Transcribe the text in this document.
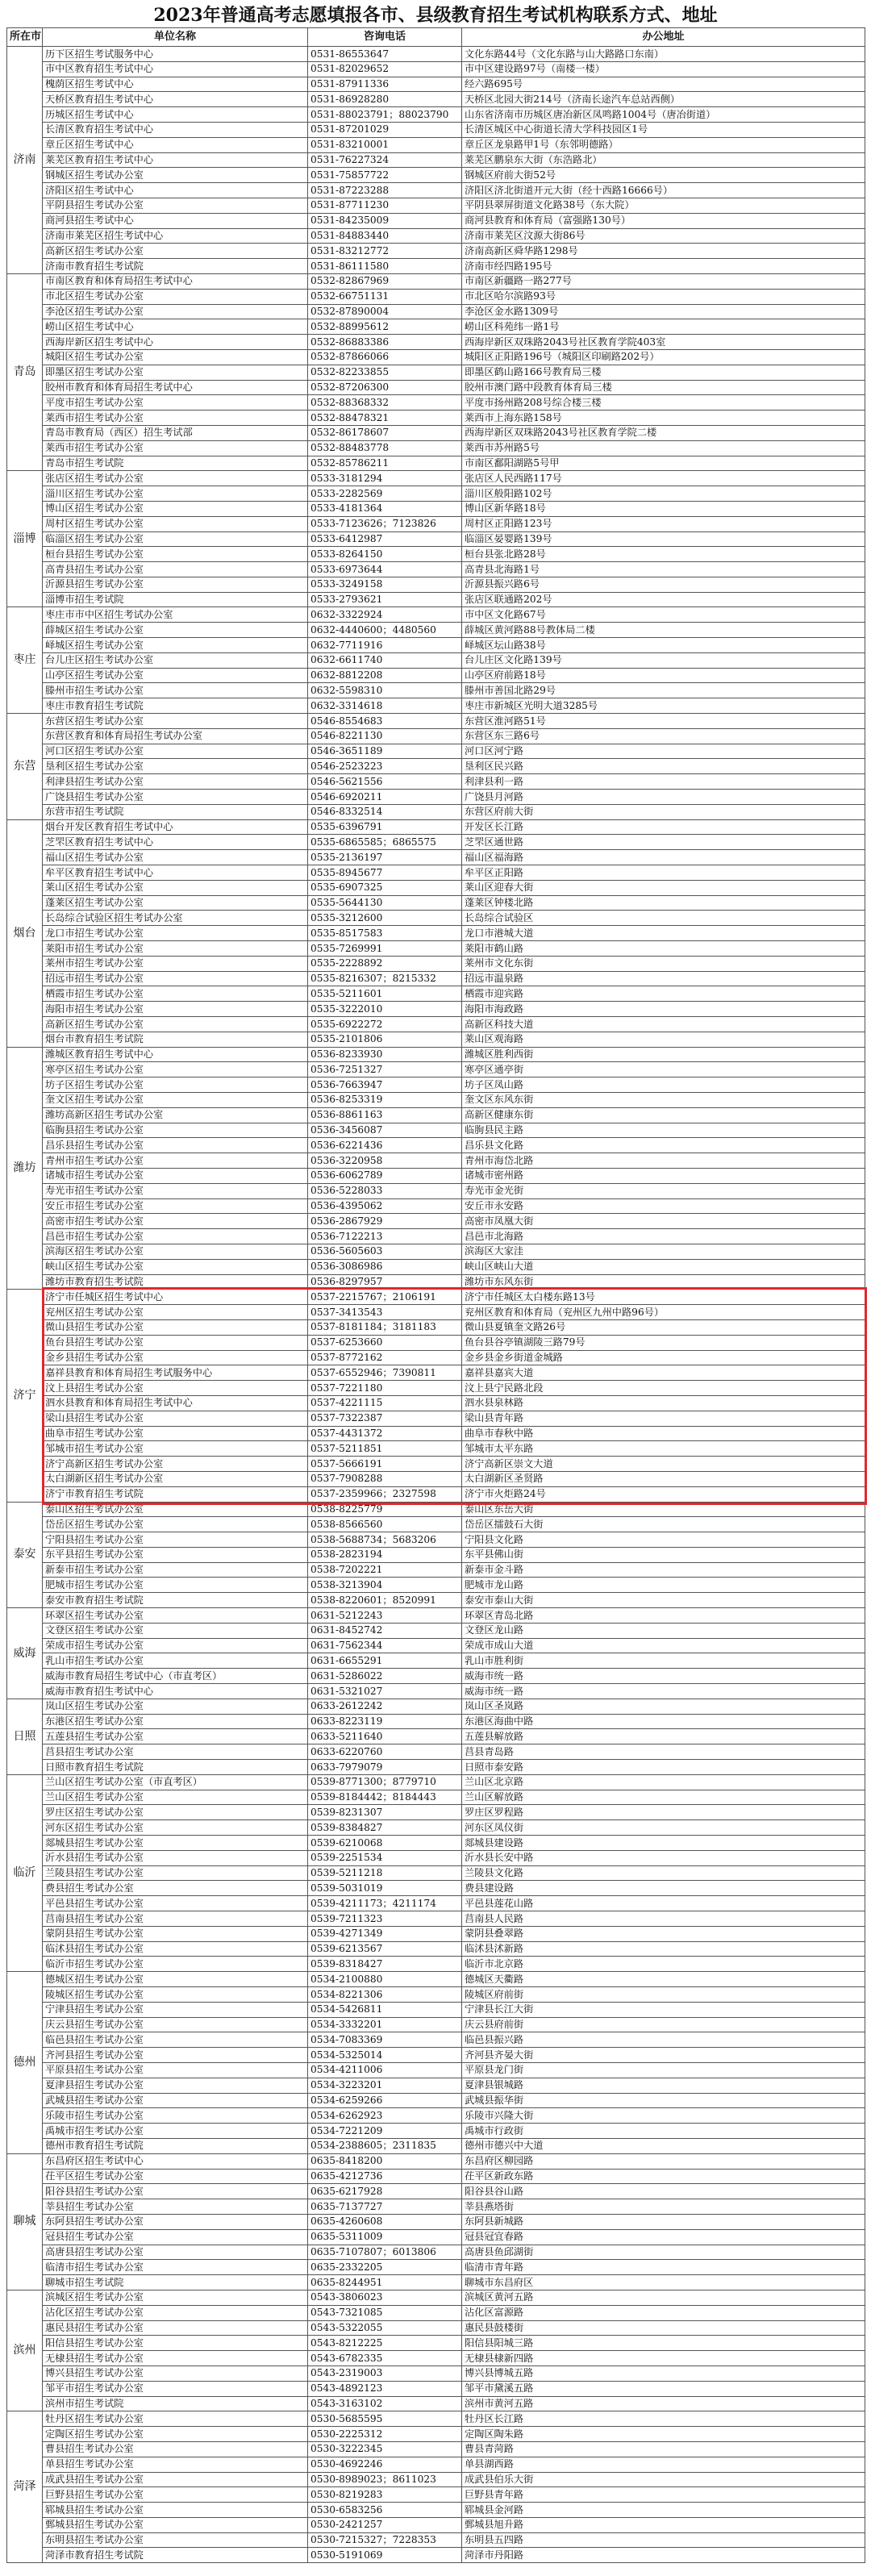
2023年普通高考志愿填报各市、县级教育招生考试机构联系方式、地址
所在市	单位名称	咨询电话	办公地址
济南	历下区招生考试服务中心	0531-86553647	文化东路44号（文化东路与山大路路口东南）
	市中区教育招生考试中心	0531-82029652	市中区建设路97号（南楼一楼）
	槐荫区招生考试中心	0531-87911336	经六路695号
	天桥区教育招生考试中心	0531-86928280	天桥区北园大街214号（济南长途汽车总站西侧）
	历城区招生考试中心	0531-88023791；88023790	山东省济南市历城区唐冶新区凤鸣路1004号（唐冶街道）
	长清区教育招生考试中心	0531-87201029	长清区城区中心街道长清大学科技园区1号
	章丘区招生考试中心	0531-83210001	章丘区龙泉路甲1号（东邻明德路）
	莱芜区教育招生考试中心	0531-76227324	莱芜区鹏泉东大街（东浩路北）
	钢城区招生考试办公室	0531-75857722	钢城区府前大街52号
	济阳区招生考试中心	0531-87223288	济阳区济北街道开元大街（经十西路16666号）
	平阴县招生考试办公室	0531-87711230	平阴县翠屏街道文化路38号（东大院）
	商河县招生考试中心	0531-84235009	商河县教育和体育局（富强路130号）
	济南市莱芜区招生考试中心	0531-84883440	济南市莱芜区汶源大街86号
	高新区招生考试办公室	0531-83212772	济南高新区舜华路1298号
	济南市教育招生考试院	0531-86111580	济南市经四路195号
青岛	市南区教育和体育局招生考试中心	0532-82867969	市南区新疆路一路277号
	市北区招生考试办公室	0532-66751131	市北区哈尔滨路93号
	李沧区招生考试办公室	0532-87890004	李沧区金水路1309号
	崂山区招生考试中心	0532-88995612	崂山区科苑纬一路1号
	西海岸新区招生考试中心	0532-86883386	西海岸新区双珠路2043号社区教育学院403室
	城阳区招生考试办公室	0532-87866066	城阳区正阳路196号（城阳区印刷路202号）
	即墨区招生考试办公室	0532-82233855	即墨区鹤山路166号教育局三楼
	胶州市教育和体育局招生考试中心	0532-87206300	胶州市澳门路中段教育体育局三楼
	平度市招生考试办公室	0532-88368332	平度市扬州路208号综合楼三楼
	莱西市招生考试办公室	0532-88478321	莱西市上海东路158号
	青岛市教育局（西区）招生考试部	0532-86178607	西海岸新区双珠路2043号社区教育学院二楼
	莱西市招生考试办公室	0532-88483778	莱西市苏州路5号
	青岛市招生考试院	0532-85786211	市南区鄱阳湖路5号甲
淄博	张店区招生考试办公室	0533-3181294	张店区人民西路117号
	淄川区招生考试办公室	0533-2282569	淄川区般阳路102号
	博山区招生考试办公室	0533-4181364	博山区新华路18号
	周村区招生考试办公室	0533-7123626；7123826	周村区正阳路123号
	临淄区招生考试办公室	0533-6412987	临淄区晏婴路139号
	桓台县招生考试办公室	0533-8264150	桓台县张北路28号
	高青县招生考试办公室	0533-6973644	高青县北海路1号
	沂源县招生考试办公室	0533-3249158	沂源县振兴路6号
	淄博市招生考试院	0533-2793621	张店区联通路202号
枣庄	枣庄市市中区招生考试办公室	0632-3322924	市中区文化路67号
	薛城区招生考试办公室	0632-4440600；4480560	薛城区黄河路88号教体局二楼
	峄城区招生考试办公室	0632-7711916	峄城区坛山路38号
	台儿庄区招生考试办公室	0632-6611740	台儿庄区文化路139号
	山亭区招生考试办公室	0632-8812208	山亭区府前路18号
	滕州市招生考试办公室	0632-5598310	滕州市善国北路29号
	枣庄市教育招生考试院	0632-3314618	枣庄市新城区光明大道3285号
东营	东营区招生考试办公室	0546-8554683	东营区淮河路51号
	东营区教育和体育局招生考试办公室	0546-8221130	东营区东三路6号
	河口区招生考试办公室	0546-3651189	河口区河宁路
	垦利区招生考试办公室	0546-2523223	垦利区民兴路
	利津县招生考试办公室	0546-5621556	利津县利一路
	广饶县招生考试办公室	0546-6920211	广饶县月河路
	东营市招生考试院	0546-8332514	东营区府前大街
烟台	烟台开发区教育招生考试中心	0535-6396791	开发区长江路
	芝罘区教育招生考试中心	0535-6865585；6865575	芝罘区通世路
	福山区招生考试办公室	0535-2136197	福山区福海路
	牟平区教育招生考试中心	0535-8945677	牟平区正阳路
	莱山区招生考试办公室	0535-6907325	莱山区迎春大街
	蓬莱区招生考试办公室	0535-5644130	蓬莱区钟楼北路
	长岛综合试验区招生考试办公室	0535-3212600	长岛综合试验区
	龙口市招生考试办公室	0535-8517583	龙口市港城大道
	莱阳市招生考试办公室	0535-7269991	莱阳市鹤山路
	莱州市招生考试办公室	0535-2228892	莱州市文化东街
	招远市招生考试办公室	0535-8216307；8215332	招远市温泉路
	栖霞市招生考试办公室	0535-5211601	栖霞市迎宾路
	海阳市招生考试办公室	0535-3222010	海阳市海政路
	高新区招生考试办公室	0535-6922272	高新区科技大道
	烟台市教育招生考试院	0535-2101806	莱山区观海路
潍坊	潍城区教育招生考试中心	0536-8233930	潍城区胜利西街
	寒亭区招生考试办公室	0536-7251327	寒亭区通亭街
	坊子区招生考试办公室	0536-7663947	坊子区凤山路
	奎文区招生考试办公室	0536-8253319	奎文区东风东街
	潍坊高新区招生考试办公室	0536-8861163	高新区健康东街
	临朐县招生考试办公室	0536-3456087	临朐县民主路
	昌乐县招生考试办公室	0536-6221436	昌乐县文化路
	青州市招生考试办公室	0536-3220958	青州市海岱北路
	诸城市招生考试办公室	0536-6062789	诸城市密州路
	寿光市招生考试办公室	0536-5228033	寿光市金光街
	安丘市招生考试办公室	0536-4395062	安丘市永安路
	高密市招生考试办公室	0536-2867929	高密市凤凰大街
	昌邑市招生考试办公室	0536-7122213	昌邑市北海路
	滨海区招生考试办公室	0536-5605603	滨海区大家洼
	峡山区招生考试办公室	0536-3086986	峡山区峡山大道
	潍坊市教育招生考试院	0536-8297957	潍坊市东风东街
济宁	济宁市任城区招生考试中心	0537-2215767；2106191	济宁市任城区太白楼东路13号
	兖州区招生考试办公室	0537-3413543	兖州区教育和体育局（兖州区九州中路96号）
	微山县招生考试办公室	0537-8181184；3181183	微山县夏镇奎文路26号
	鱼台县招生考试办公室	0537-6253660	鱼台县谷亭镇湖陵三路79号
	金乡县招生考试办公室	0537-8772162	金乡县金乡街道金城路
	嘉祥县教育和体育局招生考试服务中心	0537-6552946；7390811	嘉祥县嘉宾大道
	汶上县招生考试办公室	0537-7221180	汶上县宁民路北段
	泗水县教育和体育局招生考试中心	0537-4221115	泗水县泉林路
	梁山县招生考试办公室	0537-7322387	梁山县青年路
	曲阜市招生考试办公室	0537-4431372	曲阜市春秋中路
	邹城市招生考试办公室	0537-5211851	邹城市太平东路
	济宁高新区招生考试办公室	0537-5666191	济宁高新区崇文大道
	太白湖新区招生考试办公室	0537-7908288	太白湖新区圣贤路
	济宁市教育招生考试院	0537-2359966；2327598	济宁市火炬路24号
泰安	泰山区招生考试办公室	0538-8225779	泰山区东岳大街
	岱岳区招生考试办公室	0538-8566560	岱岳区擂鼓石大街
	宁阳县招生考试办公室	0538-5688734；5683206	宁阳县文化路
	东平县招生考试办公室	0538-2823194	东平县佛山街
	新泰市招生考试办公室	0538-7202221	新泰市金斗路
	肥城市招生考试办公室	0538-3213904	肥城市龙山路
	泰安市教育招生考试院	0538-8220601；8520991	泰安市泰山大街
威海	环翠区招生考试办公室	0631-5212243	环翠区青岛北路
	文登区招生考试办公室	0631-8452742	文登区龙山路
	荣成市招生考试办公室	0631-7562344	荣成市成山大道
	乳山市招生考试办公室	0631-6655291	乳山市胜利街
	威海市教育局招生考试中心（市直考区）	0631-5286022	威海市统一路
	威海市教育招生考试中心	0631-5321027	威海市统一路
日照	岚山区招生考试办公室	0633-2612242	岚山区圣岚路
	东港区招生考试办公室	0633-8223119	东港区海曲中路
	五莲县招生考试办公室	0633-5211640	五莲县解放路
	莒县招生考试办公室	0633-6220760	莒县青岛路
	日照市教育招生考试院	0633-7979079	日照市泰安路
临沂	兰山区招生考试办公室（市直考区）	0539-8771300；8779710	兰山区北京路
	兰山区招生考试办公室	0539-8184442；8184443	兰山区解放路
	罗庄区招生考试办公室	0539-8231307	罗庄区罗程路
	河东区招生考试办公室	0539-8384827	河东区凤仪街
	郯城县招生考试办公室	0539-6210068	郯城县建设路
	沂水县招生考试办公室	0539-2251534	沂水县长安中路
	兰陵县招生考试办公室	0539-5211218	兰陵县文化路
	费县招生考试办公室	0539-5031019	费县建设路
	平邑县招生考试办公室	0539-4211173；4211174	平邑县莲花山路
	莒南县招生考试办公室	0539-7211323	莒南县人民路
	蒙阴县招生考试办公室	0539-4271349	蒙阴县叠翠路
	临沭县招生考试办公室	0539-6213567	临沭县沭新路
	临沂市招生考试办公室	0539-8318427	临沂市北京路
德州	德城区招生考试办公室	0534-2100880	德城区天衢路
	陵城区招生考试办公室	0534-8221306	陵城区府前街
	宁津县招生考试办公室	0534-5426811	宁津县长江大街
	庆云县招生考试办公室	0534-3332201	庆云县府前街
	临邑县招生考试办公室	0534-7083369	临邑县振兴路
	齐河县招生考试办公室	0534-5325014	齐河县齐晏大街
	平原县招生考试办公室	0534-4211006	平原县龙门街
	夏津县招生考试办公室	0534-3223201	夏津县银城路
	武城县招生考试办公室	0534-6259266	武城县振华街
	乐陵市招生考试办公室	0534-6262923	乐陵市兴隆大街
	禹城市招生考试办公室	0534-7221209	禹城市行政街
	德州市教育招生考试院	0534-2388605；2311835	德州市德兴中大道
聊城	东昌府区招生考试中心	0635-8418200	东昌府区柳园路
	茌平区招生考试办公室	0635-4212736	茌平区新政东路
	阳谷县招生考试办公室	0635-6217928	阳谷县谷山路
	莘县招生考试办公室	0635-7137727	莘县燕塔街
	东阿县招生考试办公室	0635-4260608	东阿县新城路
	冠县招生考试办公室	0635-5311009	冠县冠宜春路
	高唐县招生考试办公室	0635-7107807；6013806	高唐县鱼邱湖街
	临清市招生考试办公室	0635-2332205	临清市青年路
	聊城市招生考试院	0635-8244951	聊城市东昌府区
滨州	滨城区招生考试办公室	0543-3806023	滨城区黄河五路
	沾化区招生考试办公室	0543-7321085	沾化区富源路
	惠民县招生考试办公室	0543-5322055	惠民县鼓楼街
	阳信县招生考试办公室	0543-8212225	阳信县阳城三路
	无棣县招生考试办公室	0543-6782335	无棣县棣新四路
	博兴县招生考试办公室	0543-2319003	博兴县博城五路
	邹平市招生考试办公室	0543-4892123	邹平市黛溪五路
	滨州市招生考试院	0543-3163102	滨州市黄河五路
菏泽	牡丹区招生考试办公室	0530-5685595	牡丹区长江路
	定陶区招生考试办公室	0530-2225312	定陶区陶朱路
	曹县招生考试办公室	0530-3222345	曹县青菏路
	单县招生考试办公室	0530-4692246	单县湖西路
	成武县招生考试办公室	0530-8989023；8611023	成武县伯乐大街
	巨野县招生考试办公室	0530-8219283	巨野县青年路
	郓城县招生考试办公室	0530-6583256	郓城县金河路
	鄄城县招生考试办公室	0530-2421257	鄄城县旭升路
	东明县招生考试办公室	0530-7215327；7228353	东明县五四路
	菏泽市教育招生考试院	0530-5191069	菏泽市丹阳路
